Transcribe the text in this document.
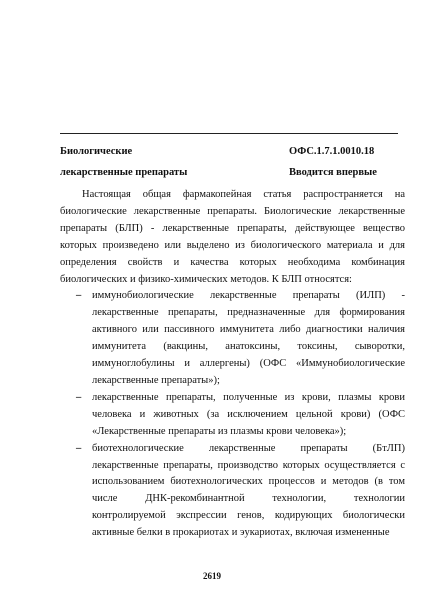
Биологические
лекарственные препараты
ОФС.1.7.1.0010.18
Вводится впервые

Настоящая общая фармакопейная статья распространяется на биологические лекарственные препараты. Биологические лекарственные препараты (БЛП) - лекарственные препараты, действующее вещество которых произведено или выделено из биологического материала и для определения свойств и качества которых необходима комбинация биологических и физико-химических методов. К БЛП относятся:

– иммунобиологические лекарственные препараты (ИЛП) - лекарственные препараты, предназначенные для формирования активного или пассивного иммунитета либо диагностики наличия иммунитета (вакцины, анатоксины, токсины, сыворотки, иммуноглобулины и аллергены) (ОФС «Иммунобиологические лекарственные препараты»);
– лекарственные препараты, полученные из крови, плазмы крови человека и животных (за исключением цельной крови) (ОФС «Лекарственные препараты из плазмы крови человека»);
– биотехнологические лекарственные препараты (БтЛП) лекарственные препараты, производство которых осуществляется с использованием биотехнологических процессов и методов (в том числе ДНК-рекомбинантной технологии, технологии контролируемой экспрессии генов, кодирующих биологически активные белки в прокариотах и эукариотах, включая измененные
2619
